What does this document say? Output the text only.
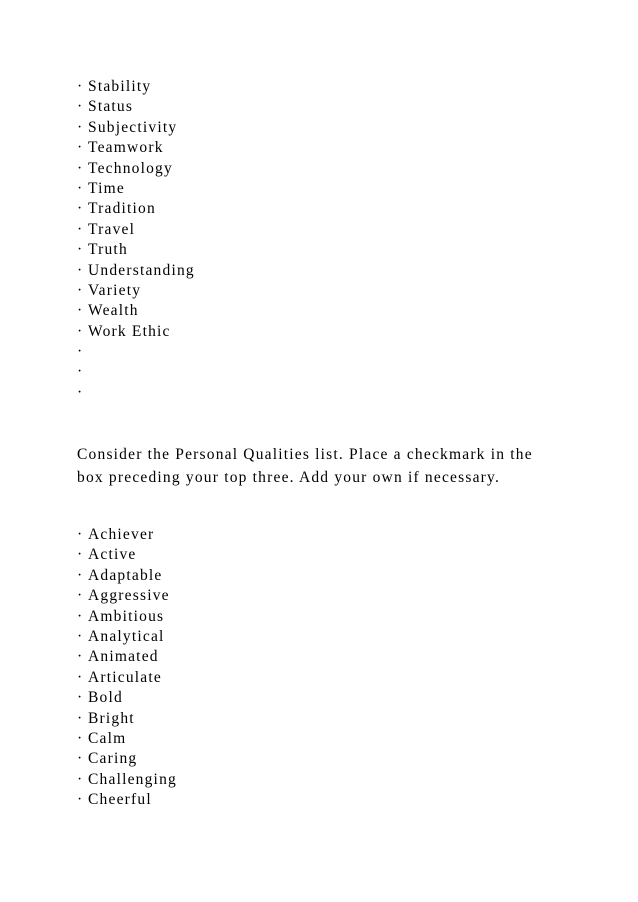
· Stability
· Status
· Subjectivity
· Teamwork
· Technology
· Time
· Tradition
· Travel
· Truth
· Understanding
· Variety
· Wealth
· Work Ethic
·
·
·

Consider the Personal Qualities list. Place a checkmark in the
box preceding your top three. Add your own if necessary.

· Achiever
· Active
· Adaptable
· Aggressive
· Ambitious
· Analytical
· Animated
· Articulate
· Bold
· Bright
· Calm
· Caring
· Challenging
· Cheerful
